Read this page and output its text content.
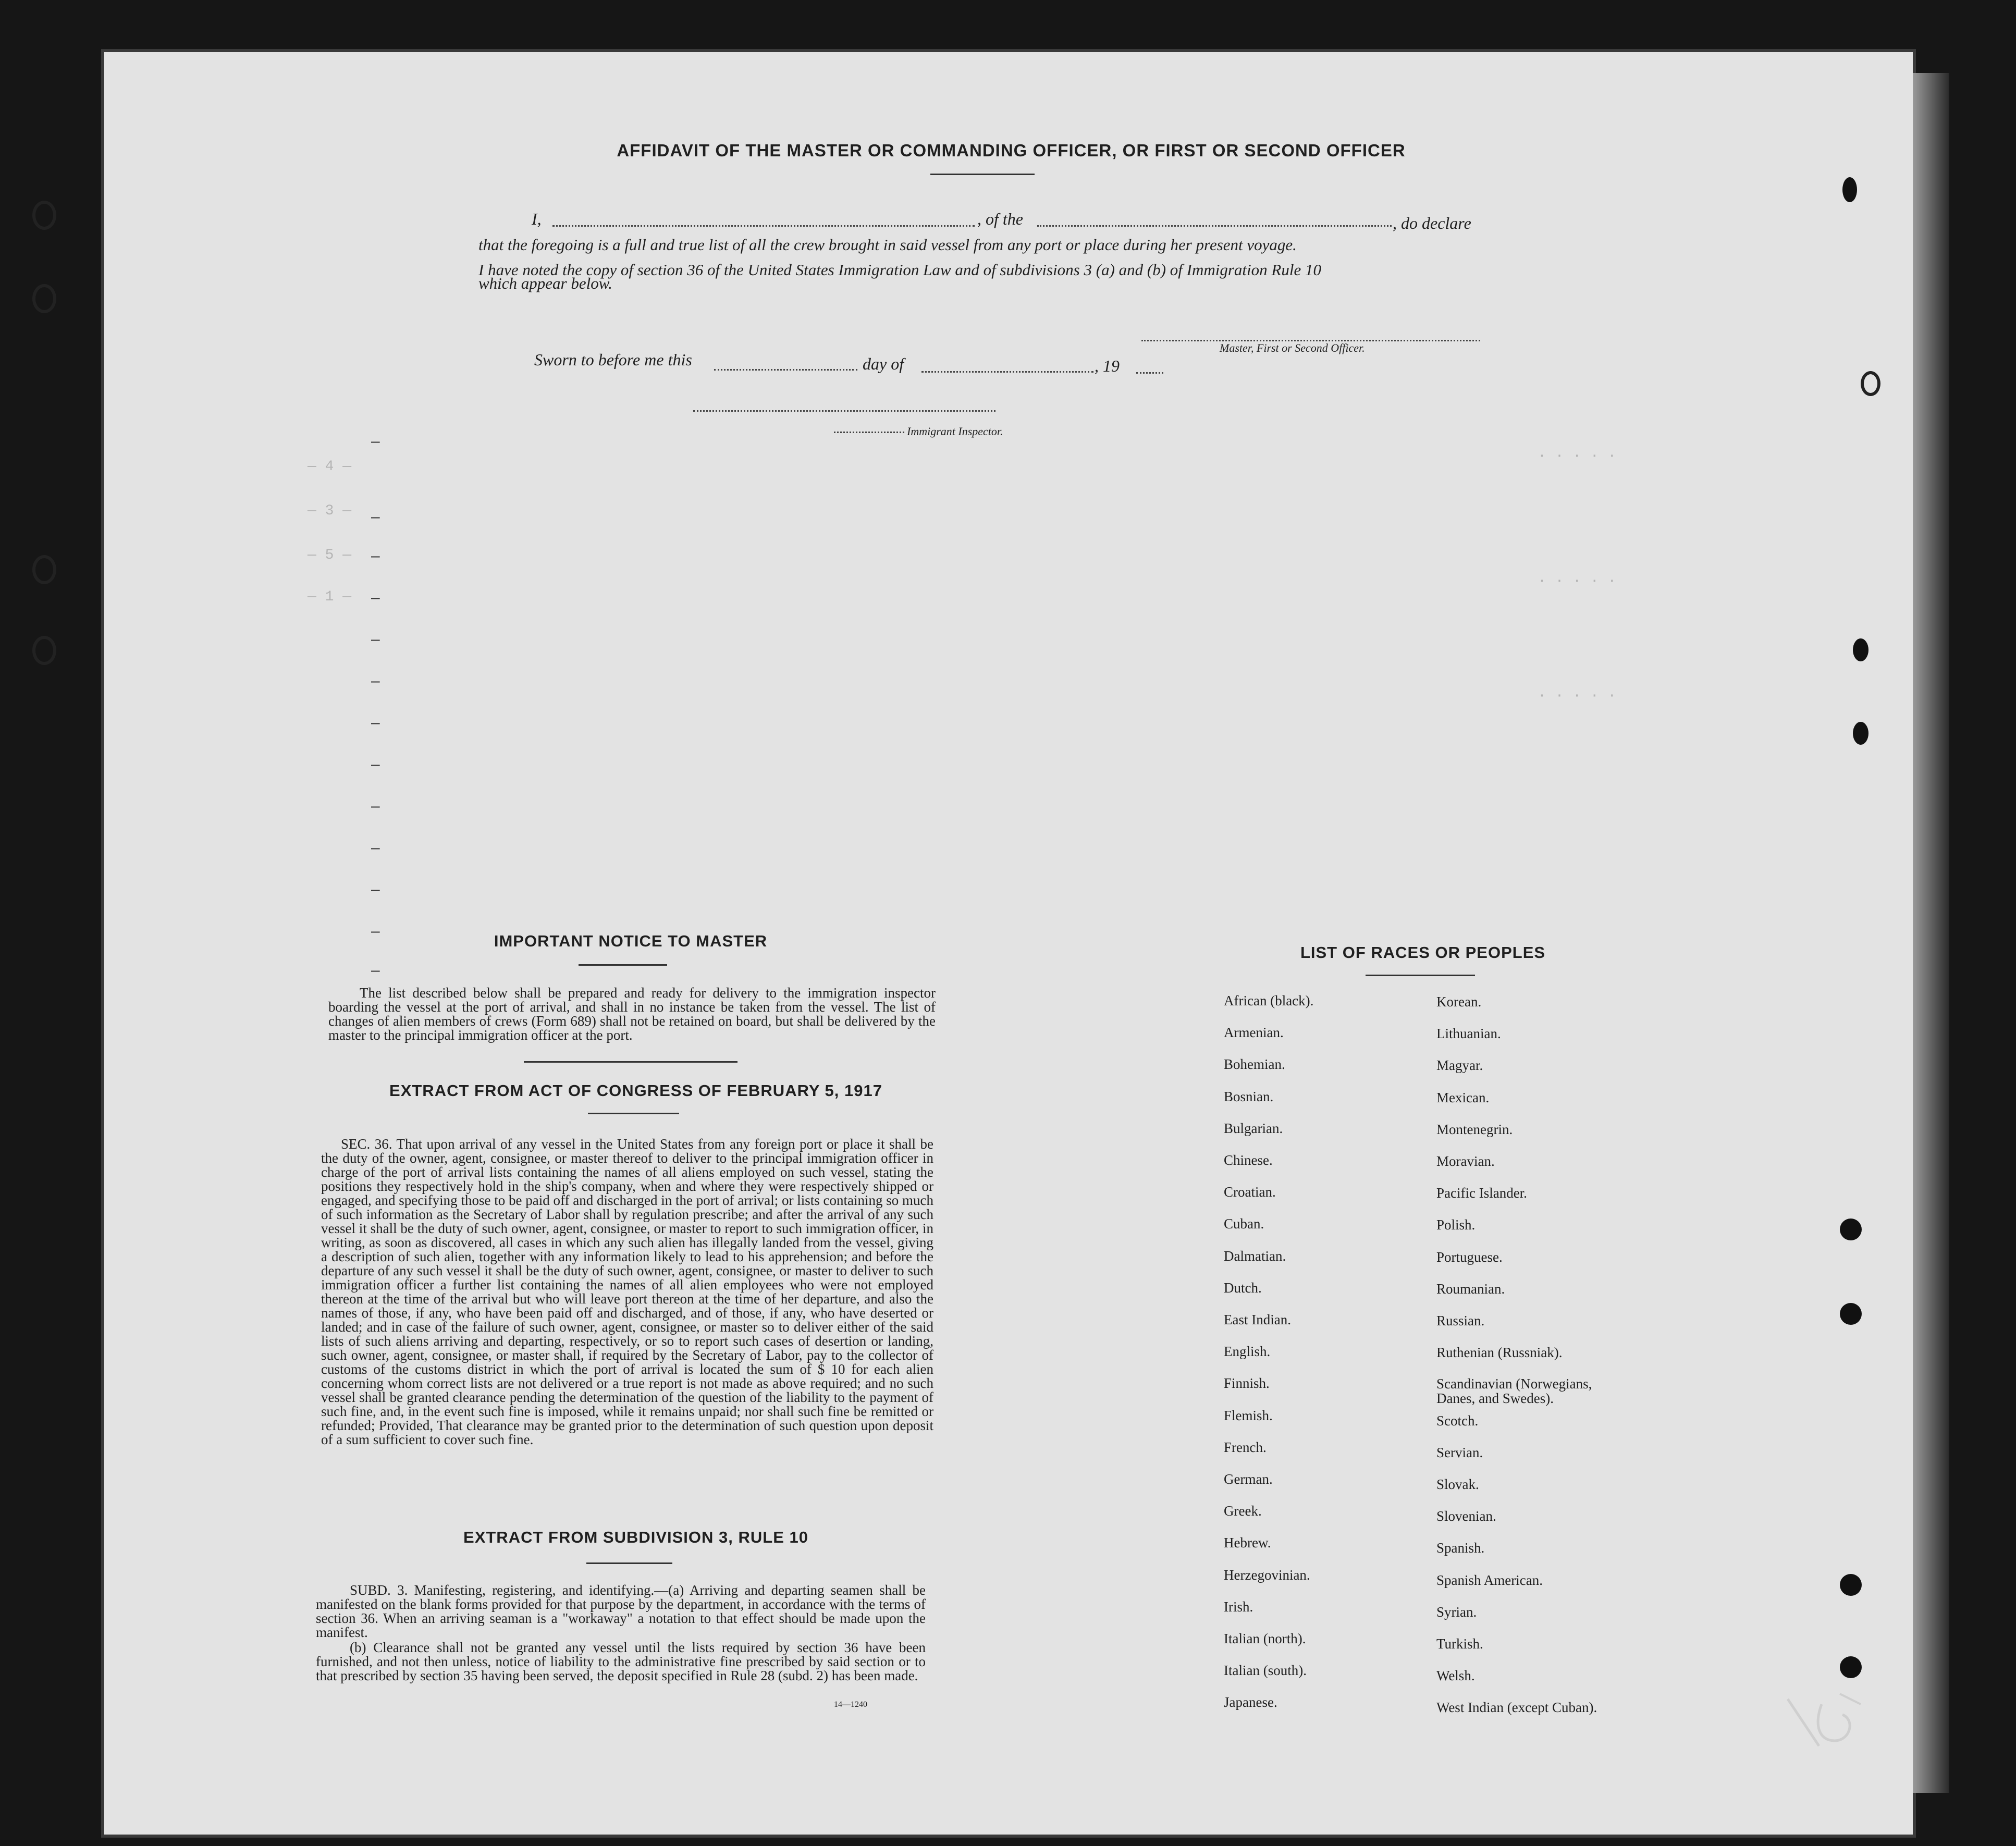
— 4 —
— 3 —
— 5 —
— 1 —
· · · · ·
· · · · ·
· · · · ·
–
–
–
–
–
–
–
–
–
–
–
–
–
AFFIDAVIT OF THE MASTER OR COMMANDING OFFICER, OR FIRST OR SECOND OFFICER
I,	, of the	, do declare
that the foregoing is a full and true list of all the crew brought in said vessel from any port or place during her present voyage.
I have noted the copy of section 36 of the United States Immigration Law and of subdivisions 3 (a) and (b) of Immigration Rule 10
which appear below.
Master, First or Second Officer.
Sworn to before me this	day of	, 19
Immigrant Inspector.
IMPORTANT NOTICE TO MASTER
The list described below shall be prepared and ready for delivery to the immigration inspector boarding the vessel at the port of arrival, and shall in no instance be taken from the vessel. The list of changes of alien members of crews (Form 689) shall not be retained on board, but shall be delivered by the master to the principal immigration officer at the port.
EXTRACT FROM ACT OF CONGRESS OF FEBRUARY 5, 1917
SEC. 36. That upon arrival of any vessel in the United States from any foreign port or place it shall be the duty of the owner, agent, consignee, or master thereof to deliver to the principal immigration officer in charge of the port of arrival lists containing the names of all aliens employed on such vessel, stating the positions they respectively hold in the ship's company, when and where they were respectively shipped or engaged, and specifying those to be paid off and discharged in the port of arrival; or lists containing so much of such information as the Secretary of Labor shall by regulation prescribe; and after the arrival of any such vessel it shall be the duty of such owner, agent, consignee, or master to report to such immigration officer, in writing, as soon as discovered, all cases in which any such alien has illegally landed from the vessel, giving a description of such alien, together with any information likely to lead to his apprehension; and before the departure of any such vessel it shall be the duty of such owner, agent, consignee, or master to deliver to such immigration officer a further list containing the names of all alien employees who were not employed thereon at the time of the arrival but who will leave port thereon at the time of her departure, and also the names of those, if any, who have been paid off and discharged, and of those, if any, who have deserted or landed; and in case of the failure of such owner, agent, consignee, or master so to deliver either of the said lists of such aliens arriving and departing, respectively, or so to report such cases of desertion or landing, such owner, agent, consignee, or master shall, if required by the Secretary of Labor, pay to the collector of customs of the customs district in which the port of arrival is located the sum of $ 10 for each alien concerning whom correct lists are not delivered or a true report is not made as above required; and no such vessel shall be granted clearance pending the determination of the question of the liability to the payment of such fine, and, in the event such fine is imposed, while it remains unpaid; nor shall such fine be remitted or refunded; Provided, That clearance may be granted prior to the determination of such question upon deposit of a sum sufficient to cover such fine.
EXTRACT FROM SUBDIVISION 3, RULE 10
SUBD. 3. Manifesting, registering, and identifying.—(a) Arriving and departing seamen shall be manifested on the blank forms provided for that purpose by the department, in accordance with the terms of section 36. When an arriving seaman is a "workaway" a notation to that effect should be made upon the manifest.
(b) Clearance shall not be granted any vessel until the lists required by section 36 have been furnished, and not then unless, notice of liability to the administrative fine prescribed by said section or to that prescribed by section 35 having been served, the deposit specified in Rule 28 (subd. 2) has been made.
14—1240
LIST OF RACES OR PEOPLES
African (black).
Armenian.
Bohemian.
Bosnian.
Bulgarian.
Chinese.
Croatian.
Cuban.
Dalmatian.
Dutch.
East Indian.
English.
Finnish.
Flemish.
French.
German.
Greek.
Hebrew.
Herzegovinian.
Irish.
Italian (north).
Italian (south).
Japanese.
Korean.
Lithuanian.
Magyar.
Mexican.
Montenegrin.
Moravian.
Pacific Islander.
Polish.
Portuguese.
Roumanian.
Russian.
Ruthenian (Russniak).
Scandinavian (Norwegians, Danes, and Swedes).
Scotch.
Servian.
Slovak.
Slovenian.
Spanish.
Spanish American.
Syrian.
Turkish.
Welsh.
West Indian (except Cuban).
